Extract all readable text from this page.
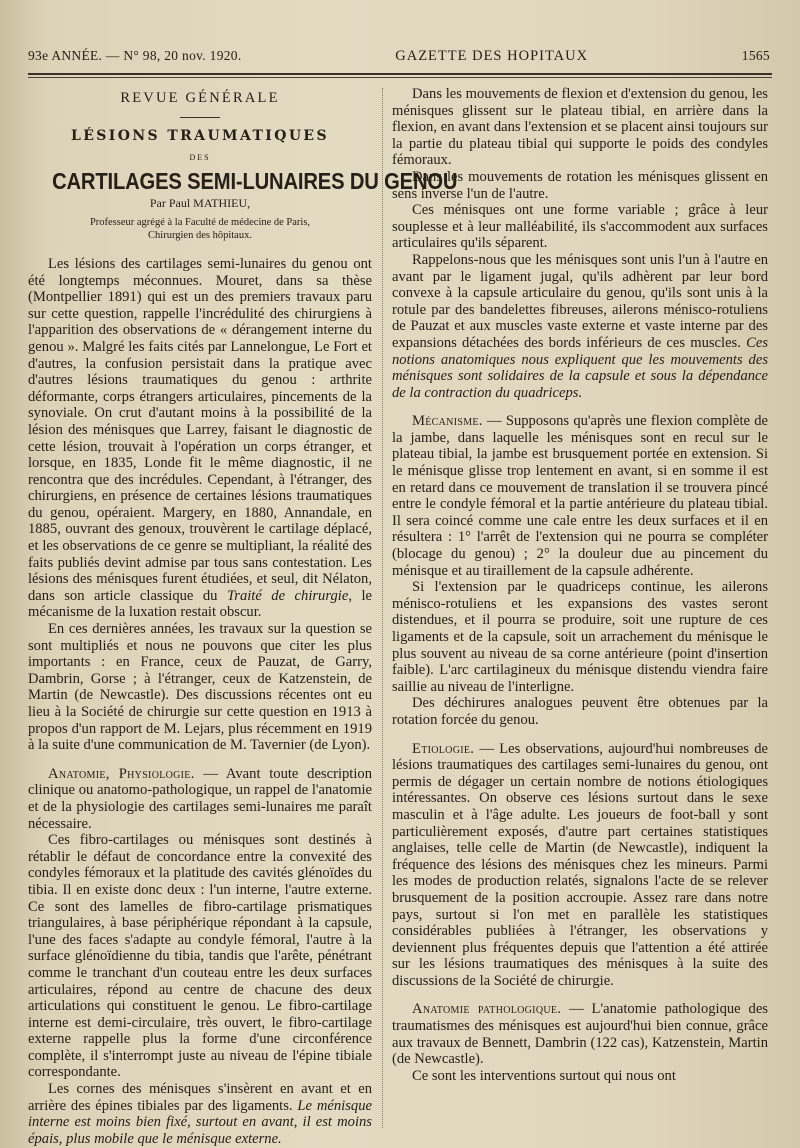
93e ANNÉE. — N° 98, 20 nov. 1920.	GAZETTE DES HOPITAUX	1565
REVUE GÉNÉRALE
LÉSIONS TRAUMATIQUES
DES
CARTILAGES SEMI-LUNAIRES DU GENOU
Par Paul MATHIEU,
Professeur agrégé à la Faculté de médecine de Paris,
Chirurgien des hôpitaux.

Les lésions des cartilages semi-lunaires du genou ont été longtemps méconnues. Mouret, dans sa thèse (Montpellier 1891) qui est un des premiers travaux paru sur cette question, rappelle l'incrédulité des chirurgiens à l'apparition des observations de « dérangement interne du genou ». Malgré les faits cités par Lannelongue, Le Fort et d'autres, la confusion persistait dans la pratique avec d'autres lésions traumatiques du genou : arthrite déformante, corps étrangers articulaires, pincements de la synoviale. On crut d'autant moins à la possibilité de la lésion des ménisques que Larrey, faisant le diagnostic de cette lésion, trouvait à l'opération un corps étranger, et lorsque, en 1835, Londe fit le même diagnostic, il ne rencontra que des incrédules. Cependant, à l'étranger, des chirurgiens, en présence de certaines lésions traumatiques du genou, opéraient. Margery, en 1880, Annandale, en 1885, ouvrant des genoux, trouvèrent le cartilage déplacé, et les observations de ce genre se multipliant, la réalité des faits publiés devint admise par tous sans contestation. Les lésions des ménisques furent étudiées, et seul, dit Nélaton, dans son article classique du Traité de chirurgie, le mécanisme de la luxation restait obscur.

En ces dernières années, les travaux sur la question se sont multipliés et nous ne pouvons que citer les plus importants : en France, ceux de Pauzat, de Garry, Dambrin, Gorse ; à l'étranger, ceux de Katzenstein, de Martin (de Newcastle). Des discussions récentes ont eu lieu à la Société de chirurgie sur cette question en 1913 à propos d'un rapport de M. Lejars, plus récemment en 1919 à la suite d'une communication de M. Tavernier (de Lyon).

Anatomie, Physiologie. — Avant toute description clinique ou anatomo-pathologique, un rappel de l'anatomie et de la physiologie des cartilages semi-lunaires me paraît nécessaire.

Ces fibro-cartilages ou ménisques sont destinés à rétablir le défaut de concordance entre la convexité des condyles fémoraux et la platitude des cavités glénoïdes du tibia. Il en existe donc deux : l'un interne, l'autre externe. Ce sont des lamelles de fibro-cartilage prismatiques triangulaires, à base périphérique répondant à la capsule, l'une des faces s'adapte au condyle fémoral, l'autre à la surface glénoïdienne du tibia, tandis que l'arête, pénétrant comme le tranchant d'un couteau entre les deux surfaces articulaires, répond au centre de chacune des deux articulations qui constituent le genou. Le fibro-cartilage interne est demi-circulaire, très ouvert, le fibro-cartilage externe rappelle plus la forme d'une circonférence complète, il s'interrompt juste au niveau de l'épine tibiale correspondante.

Les cornes des ménisques s'insèrent en avant et en arrière des épines tibiales par des ligaments. Le ménisque interne est moins bien fixé, surtout en avant, il est moins épais, plus mobile que le ménisque externe.

Dans les mouvements de flexion et d'extension du genou, les ménisques glissent sur le plateau tibial, en arrière dans la flexion, en avant dans l'extension et se placent ainsi toujours sur la partie du plateau tibial qui supporte le poids des condyles fémoraux.

Dans les mouvements de rotation les ménisques glissent en sens inverse l'un de l'autre.

Ces ménisques ont une forme variable ; grâce à leur souplesse et à leur malléabilité, ils s'accommodent aux surfaces articulaires qu'ils séparent.

Rappelons-nous que les ménisques sont unis l'un à l'autre en avant par le ligament jugal, qu'ils adhèrent par leur bord convexe à la capsule articulaire du genou, qu'ils sont unis à la rotule par des bandelettes fibreuses, ailerons ménisco-rotuliens de Pauzat et aux muscles vaste externe et vaste interne par des expansions détachées des bords inférieurs de ces muscles. Ces notions anatomiques nous expliquent que les mouvements des ménisques sont solidaires de la capsule et sous la dépendance de la contraction du quadriceps.

Mécanisme. — Supposons qu'après une flexion complète de la jambe, dans laquelle les ménisques sont en recul sur le plateau tibial, la jambe est brusquement portée en extension. Si le ménisque glisse trop lentement en avant, si en somme il est en retard dans ce mouvement de translation il se trouvera pincé entre le condyle fémoral et la partie antérieure du plateau tibial. Il sera coincé comme une cale entre les deux surfaces et il en résultera : 1° l'arrêt de l'extension qui ne pourra se compléter (blocage du genou) ; 2° la douleur due au pincement du ménisque et au tiraillement de la capsule adhérente.

Si l'extension par le quadriceps continue, les ailerons ménisco-rotuliens et les expansions des vastes seront distendues, et il pourra se produire, soit une rupture de ces ligaments et de la capsule, soit un arrachement du ménisque le plus souvent au niveau de sa corne antérieure (point d'insertion faible). L'arc cartilagineux du ménisque distendu viendra faire saillie au niveau de l'interligne.

Des déchirures analogues peuvent être obtenues par la rotation forcée du genou.

Etiologie. — Les observations, aujourd'hui nombreuses de lésions traumatiques des cartilages semi-lunaires du genou, ont permis de dégager un certain nombre de notions étiologiques intéressantes. On observe ces lésions surtout dans le sexe masculin et à l'âge adulte. Les joueurs de foot-ball y sont particulièrement exposés, d'autre part certaines statistiques anglaises, telle celle de Martin (de Newcastle), indiquent la fréquence des lésions des ménisques chez les mineurs. Parmi les modes de production relatés, signalons l'acte de se relever brusquement de la position accroupie. Assez rare dans notre pays, surtout si l'on met en parallèle les statistiques considérables publiées à l'étranger, les observations y deviennent plus fréquentes depuis que l'attention a été attirée sur les lésions traumatiques des ménisques à la suite des discussions de la Société de chirurgie.

Anatomie pathologique. — L'anatomie pathologique des traumatismes des ménisques est aujourd'hui bien connue, grâce aux travaux de Bennett, Dambrin (122 cas), Katzenstein, Martin (de Newcastle).

Ce sont les interventions surtout qui nous ont
